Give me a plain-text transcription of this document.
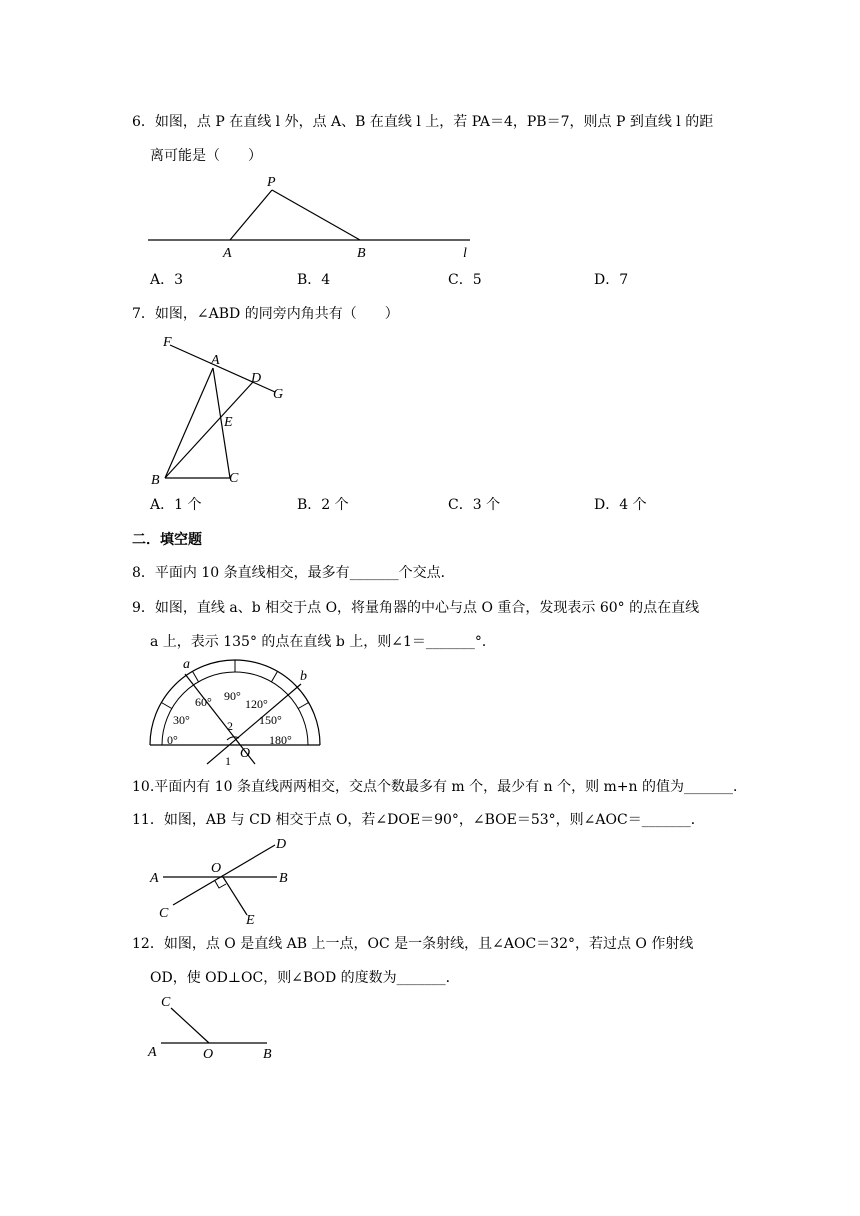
6．如图，点 P 在直线 l 外，点 A、B 在直线 l 上，若 PA＝4，PB＝7，则点 P 到直线 l 的距
离可能是（　　）
P
A	B	l
A．3	B．4	C．5	D．7
7．如图，∠ABD 的同旁内角共有（　　）
F
A
D
G
E
B	C
A．1 个	B．2 个	C．3 个	D．4 个
二．填空题
8．平面内 10 条直线相交，最多有_______个交点．
9．如图，直线 a、b 相交于点 O，将量角器的中心与点 O 重合，发现表示 60° 的点在直线
a 上，表示 135° 的点在直线 b 上，则∠1＝_______°．
a
b
O
1
2
0°
30°
60° 90°
120°
150°
180°
10.平面内有 10 条直线两两相交，交点个数最多有 m 个，最少有 n 个，则 m+n 的值为_______．
11．如图，AB 与 CD 相交于点 O，若∠DOE＝90°，∠BOE＝53°，则∠AOC＝_______．
A	B
C
D
E
O
12．如图，点 O 是直线 AB 上一点，OC 是一条射线，且∠AOC＝32°，若过点 O 作射线
OD，使 OD⊥OC，则∠BOD 的度数为_______．
C
A	O	B
